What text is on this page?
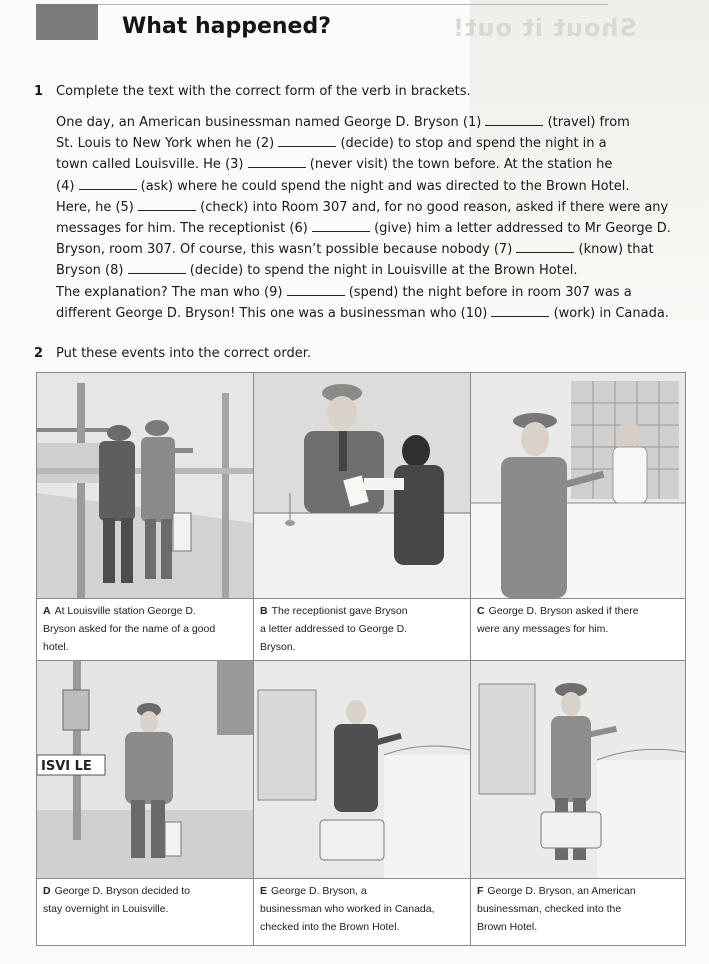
Shout it out!
What happened?
1 Complete the text with the correct form of the verb in brackets.
One day, an American businessman named George D. Bryson (1)	(travel) from
St. Louis to New York when he (2)	(decide) to stop and spend the night in a
town called Louisville. He (3)	(never visit) the town before. At the station he
(4)	(ask) where he could spend the night and was directed to the Brown Hotel.
Here, he (5)	(check) into Room 307 and, for no good reason, asked if there were any
messages for him. The receptionist (6)	(give) him a letter addressed to Mr George D.
Bryson, room 307. Of course, this wasn’t possible because nobody (7)	(know) that
Bryson (8)	(decide) to spend the night in Louisville at the Brown Hotel.
The explanation? The man who (9)	(spend) the night before in room 307 was a
different George D. Bryson! This one was a businessman who (10)	(work) in Canada.
2 Put these events into the correct order.
ISVI LE
A At Louisville station George D.
Bryson asked for the name of a good
hotel.
B The receptionist gave Bryson
a letter addressed to George D.
Bryson.
C George D. Bryson asked if there
were any messages for him.
D George D. Bryson decided to
stay overnight in Louisville.
E George D. Bryson, a
businessman who worked in Canada,
checked into the Brown Hotel.
F George D. Bryson, an American
businessman, checked into the
Brown Hotel.
